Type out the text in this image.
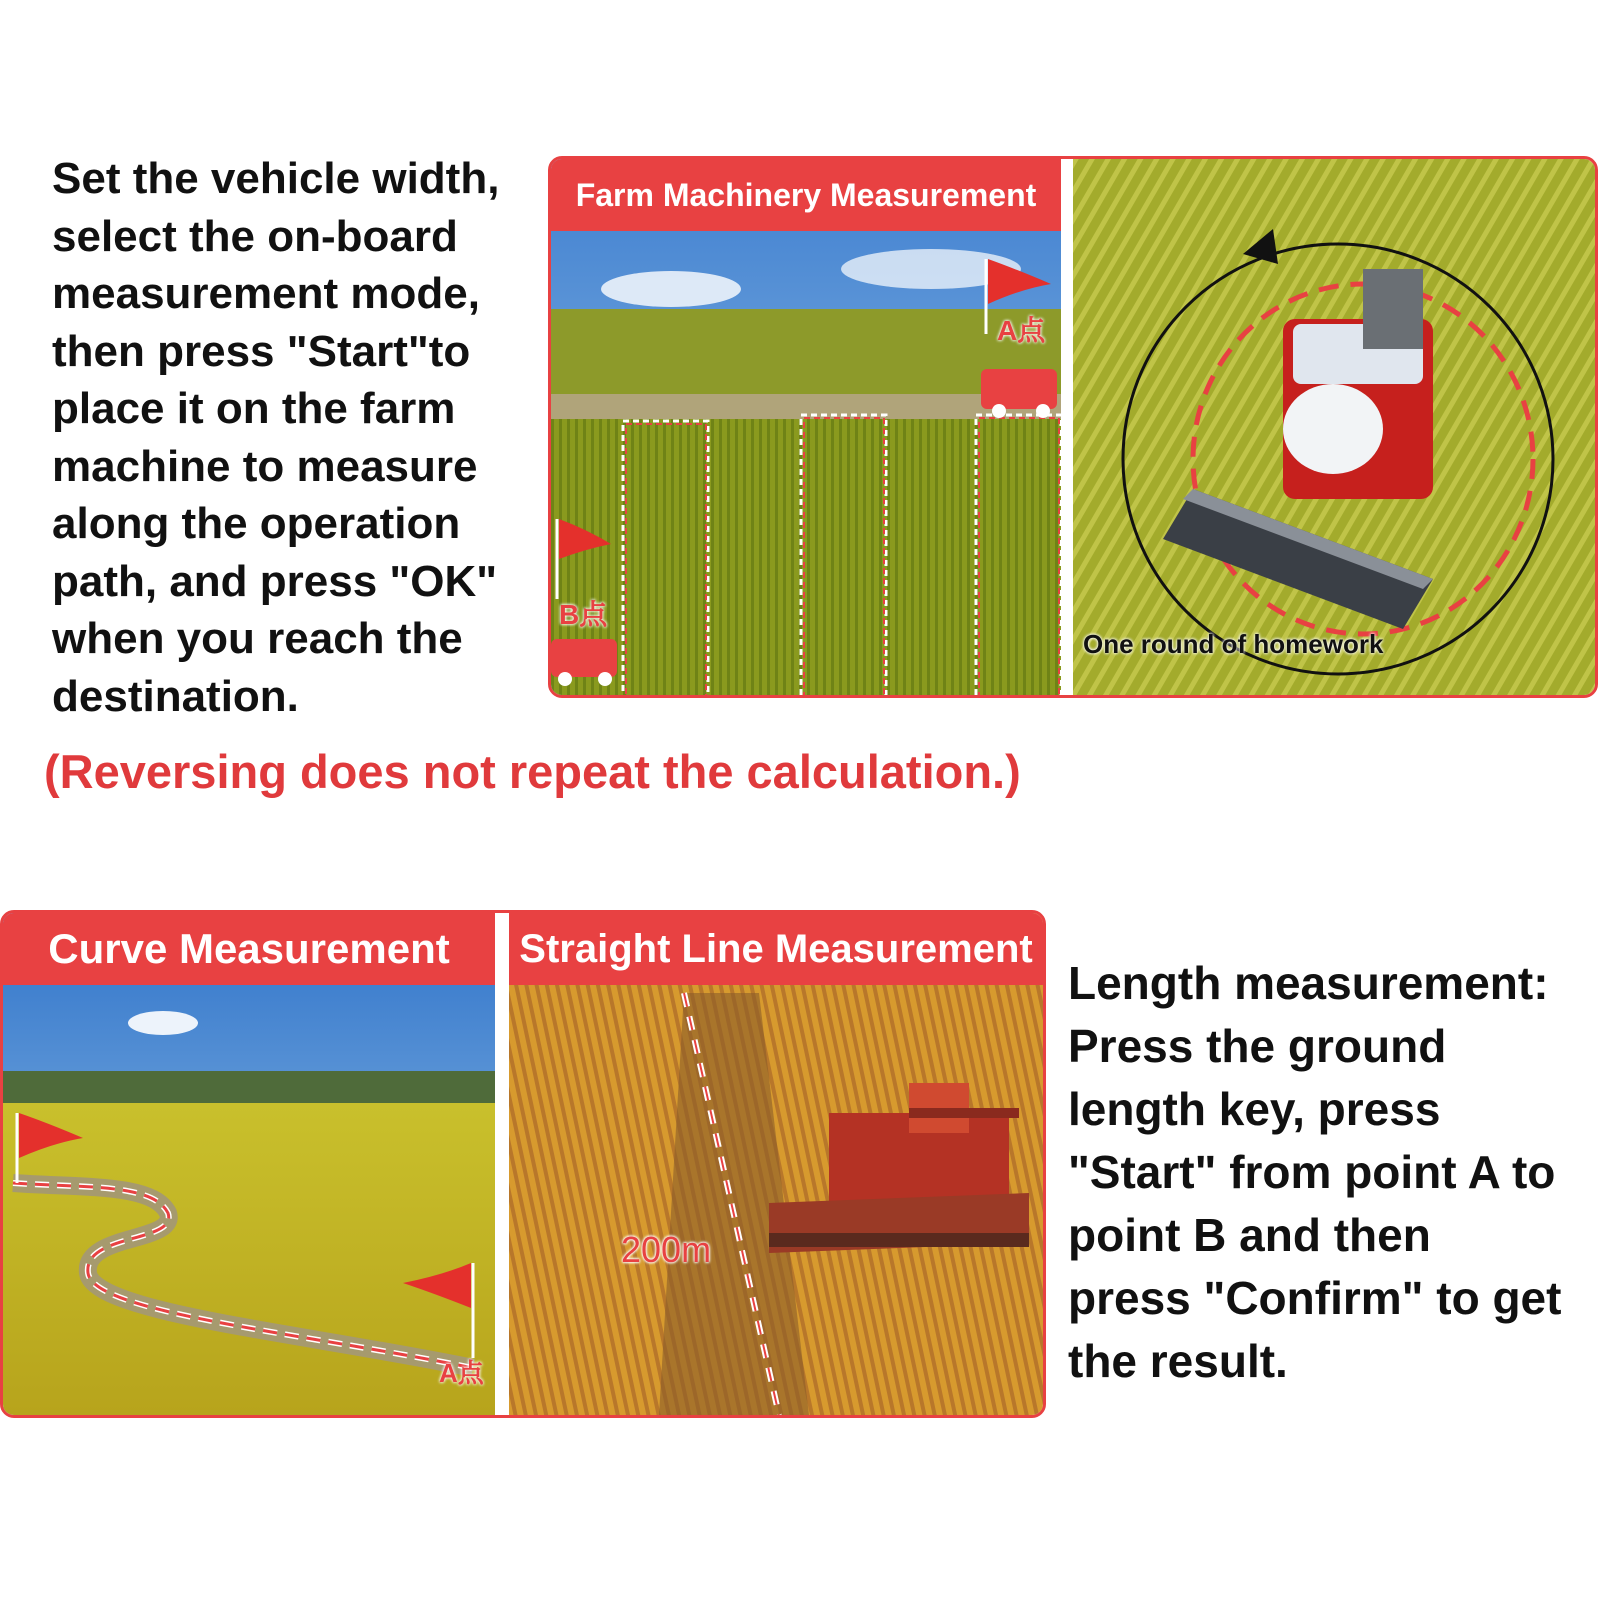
Set the vehicle width,
select the on-board
measurement mode,
then press "Start"to
place it on the farm
machine to measure
along the operation
path, and press "OK"
when you reach the
destination.

Farm Machinery Measurement
A点
B点
One round of homework

(Reversing does not repeat the calculation.)

Curve Measurement
A点
Straight Line Measurement
200m

Length measurement:
Press the ground
length key, press
"Start" from point A to
point B and then
press "Confirm" to get
the result.
